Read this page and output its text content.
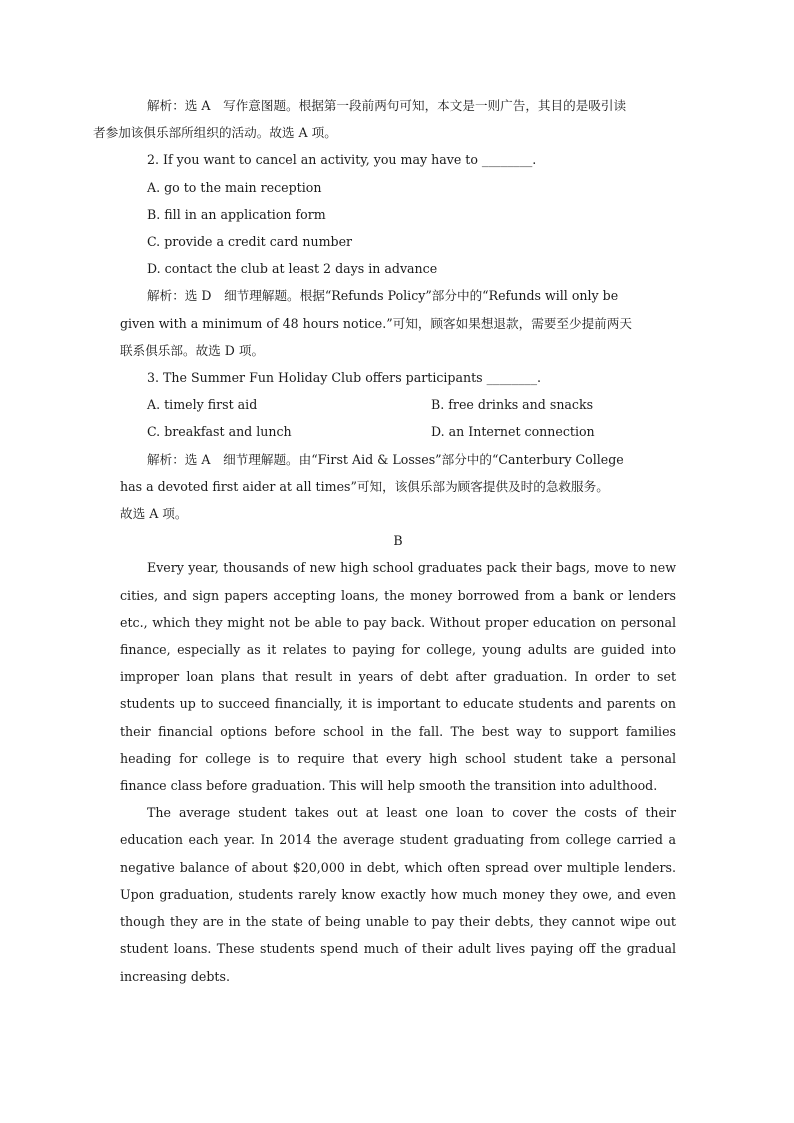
解析：选 A　写作意图题。根据第一段前两句可知，本文是一则广告，其目的是吸引读
者参加该俱乐部所组织的活动。故选 A 项。

2. If you want to cancel an activity, you may have to ________.

A. go to the main reception

B. fill in an application form

C. provide a credit card number

D. contact the club at least 2 days in advance

解析：选 D　细节理解题。根据“Refunds Policy”部分中的“Refunds will only be

given with a minimum of 48 hours notice.”可知，顾客如果想退款，需要至少提前两天

联系俱乐部。故选 D 项。

3. The Summer Fun Holiday Club offers participants ________.

A. timely first aid	B. free drinks and snacks
C. breakfast and lunch	D. an Internet connection

解析：选 A　细节理解题。由“First Aid & Losses”部分中的“Canterbury College

has a devoted first aider at all times”可知，该俱乐部为顾客提供及时的急救服务。

故选 A 项。

B

Every year, thousands of new high school graduates pack their bags, move to new cities, and sign papers accepting loans, the money borrowed from a bank or lenders etc., which they might not be able to pay back. Without proper education on personal finance, especially as it relates to paying for college, young adults are guided into improper loan plans that result in years of debt after graduation. In order to set students up to succeed financially, it is important to educate students and parents on their financial options before school in the fall. The best way to support families heading for college is to require that every high school student take a personal finance class before graduation. This will help smooth the transition into adulthood.

The average student takes out at least one loan to cover the costs of their education each year. In 2014 the average student graduating from college carried a negative balance of about $20,000 in debt, which often spread over multiple lenders. Upon graduation, students rarely know exactly how much money they owe, and even though they are in the state of being unable to pay their debts, they cannot wipe out student loans. These students spend much of their adult lives paying off the gradual increasing debts.
